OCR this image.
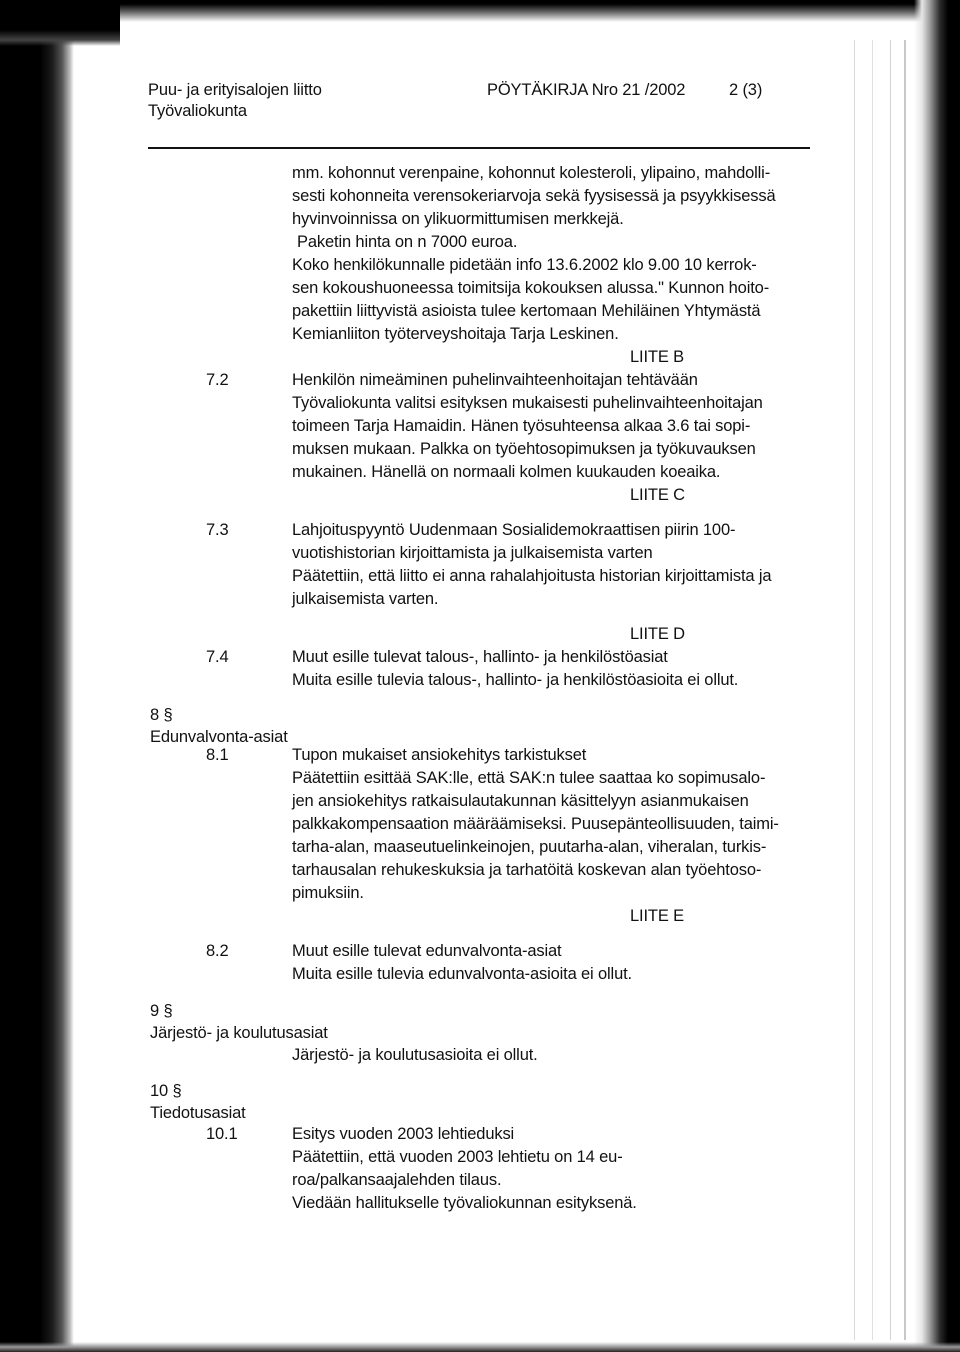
Puu- ja erityisalojen liitto
Työvaliokunta
PÖYTÄKIRJA Nro 21 /2002	2 (3)
mm. kohonnut verenpaine, kohonnut kolesteroli, ylipaino, mahdolli-
sesti kohonneita verensokeriarvoja sekä fyysisessä ja psyykkisessä
hyvinvoinnissa on ylikuormittumisen merkkejä.
Paketin hinta on n 7000 euroa.
Koko henkilökunnalle pidetään info 13.6.2002 klo 9.00 10 kerrok-
sen kokoushuoneessa toimitsija kokouksen alussa." Kunnon hoito-
pakettiin liittyvistä asioista tulee kertomaan Mehiläinen Yhtymästä
Kemianliiton työterveyshoitaja Tarja Leskinen.
LIITE B
7.2	Henkilön nimeäminen puhelinvaihteenhoitajan tehtävään
Työvaliokunta valitsi esityksen mukaisesti puhelinvaihteenhoitajan
toimeen Tarja Hamaidin. Hänen työsuhteensa alkaa 3.6 tai sopi-
muksen mukaan. Palkka on työehtosopimuksen ja työkuvauksen
mukainen. Hänellä on normaali kolmen kuukauden koeaika.
LIITE C
7.3	Lahjoituspyyntö Uudenmaan Sosialidemokraattisen piirin 100-
vuotishistorian kirjoittamista ja julkaisemista varten
Päätettiin, että liitto ei anna rahalahjoitusta historian kirjoittamista ja
julkaisemista varten.
LIITE D
7.4	Muut esille tulevat talous-, hallinto- ja henkilöstöasiat
Muita esille tulevia talous-, hallinto- ja henkilöstöasioita ei ollut.
8 §
Edunvalvonta-asiat
8.1	Tupon mukaiset ansiokehitys tarkistukset
Päätettiin esittää SAK:lle, että SAK:n tulee saattaa ko sopimusalo-
jen ansiokehitys ratkaisulautakunnan käsittelyyn asianmukaisen
palkkakompensaation määräämiseksi. Puusepänteollisuuden, taimi-
tarha-alan, maaseutuelinkeinojen, puutarha-alan, viheralan, turkis-
tarhausalan rehukeskuksia ja tarhatöitä koskevan alan työehtoso-
pimuksiin.
LIITE E
8.2	Muut esille tulevat edunvalvonta-asiat
Muita esille tulevia edunvalvonta-asioita ei ollut.
9 §
Järjestö- ja koulutusasiat
Järjestö- ja koulutusasioita ei ollut.
10 §
Tiedotusasiat
10.1	Esitys vuoden 2003 lehtieduksi
Päätettiin, että vuoden 2003 lehtietu on 14 eu-
roa/palkansaajalehden tilaus.
Viedään hallitukselle työvaliokunnan esityksenä.
